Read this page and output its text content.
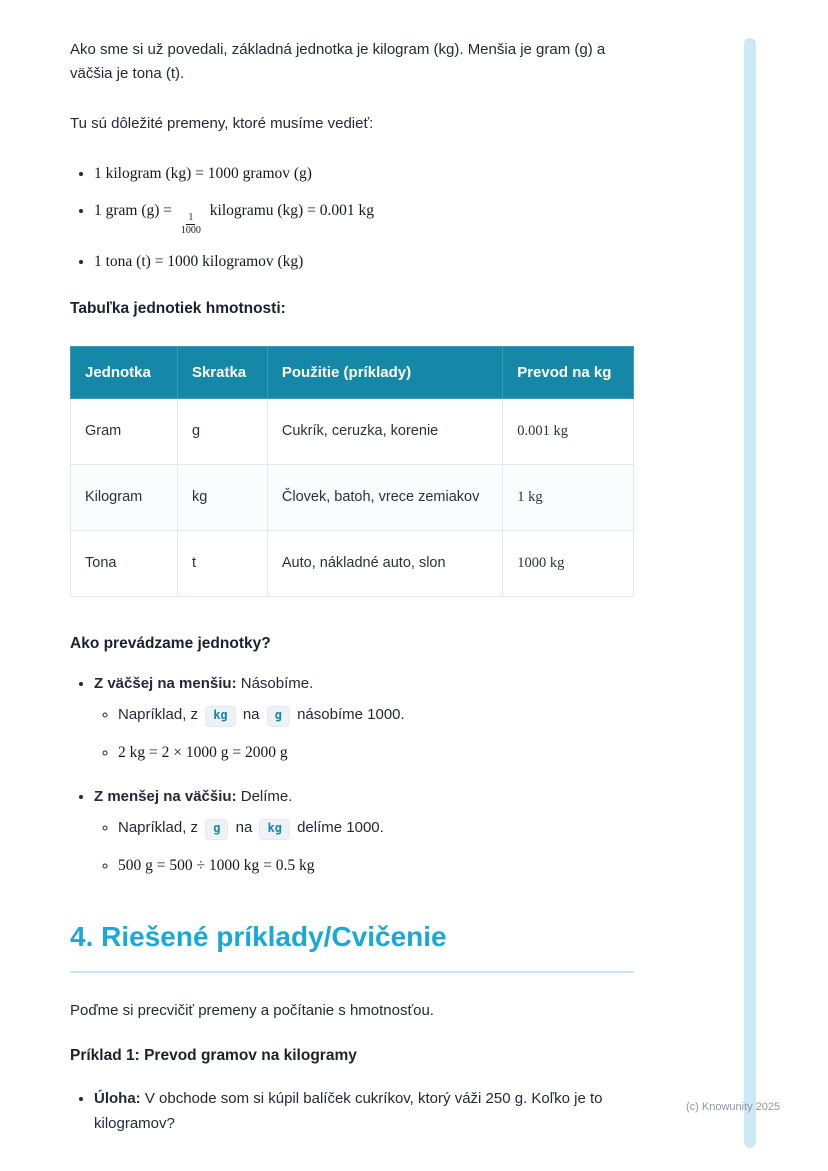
Ako sme si už povedali, základná jednotka je kilogram (kg). Menšia je gram (g) a väčšia je tona (t).

Tu sú dôležité premeny, ktoré musíme vedieť:

• 1 kilogram (kg) = 1000 gramov (g)
• 1 gram (g) =
$\frac{1}{1000}$
kilogramu (kg) = 0.001 kg
• 1 tona (t) = 1000 kilogramov (kg)

Tabuľka jednotiek hmotnosti:

Jednotka	Skratka	Použitie (príklady)	Prevod na kg
Gram	g	Cukrík, ceruzka, korenie	0.001 kg
Kilogram	kg	Človek, batoh, vrece zemiakov	1 kg
Tona	t	Auto, nákladné auto, slon	1000 kg

Ako prevádzame jednotky?

• Z väčšej na menšiu: Násobíme.

◦ Napríklad, z kg na g násobíme 1000.
◦ 2 kg = 2 × 1000 g = 2000 g

• Z menšej na väčšiu: Delíme.

◦ Napríklad, z g na kg delíme 1000.
◦ 500 g = 500 ÷ 1000 kg = 0.5 kg
4. Riešené príklady/Cvičenie

Poďme si precvičiť premeny a počítanie s hmotnosťou.

Príklad 1: Prevod gramov na kilogramy

• Úloha: V obchode som si kúpil balíček cukríkov, ktorý váži 250 g. Koľko je to kilogramov?
(c) Knowunity 2025
